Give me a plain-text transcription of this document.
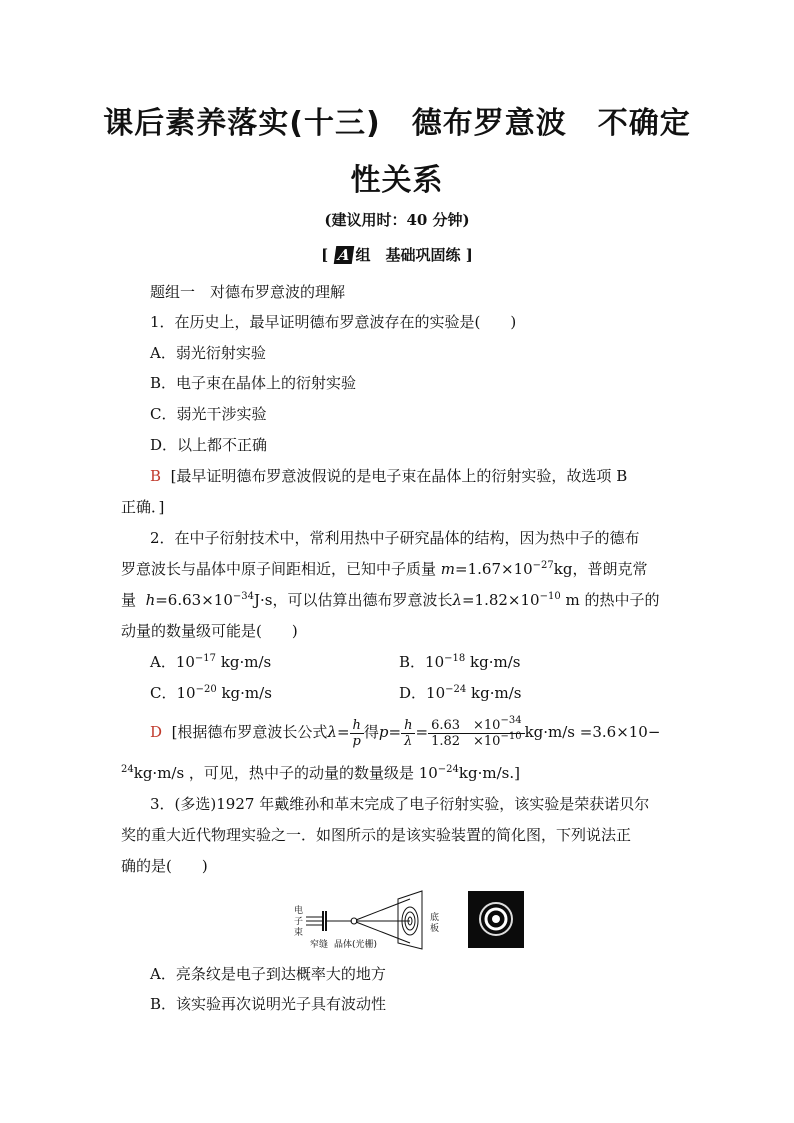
课后素养落实(十三)　德布罗意波　不确定
性关系
(建议用时：40 分钟)
[ A 组　基础巩固练 ]
题组一　对德布罗意波的理解
1．在历史上，最早证明德布罗意波存在的实验是(　　)
A．弱光衍射实验
B．电子束在晶体上的衍射实验
C．弱光干涉实验
D．以上都不正确
B [最早证明德布罗意波假说的是电子束在晶体上的衍射实验，故选项 B
正确．]
2．在中子衍射技术中，常利用热中子研究晶体的结构，因为热中子的德布
罗意波长与晶体中原子间距相近，已知中子质量 $m=1.67\times 10^{-27}kg$，普朗克常
量 $h=6.63\times 10^{-34}J\cdot s$，可以估算出德布罗意波长$\lambda=1.82\times 10^{-10}$ m 的热中子的
动量的数量级可能是(　　)
A．$10^{-17}$ kg·m/s	B．$10^{-18}$ kg·m/s
C．$10^{-20}$ kg·m/s	D．$10^{-24}$ kg·m/s
D [根据德布罗意波长公式$\lambda= \frac{h}{p}$ 得$p= \frac{h}{\lambda} = \frac{6.63 \times 10^{-34}}{1.82 \times 10^{-10}} kg\cdot m/s =3.6\times 10-$
$^{24}$kg·m/s ，可见，热中子的动量的数量级是 $10^{-24}kg\cdot m/s$.]
3．(多选)1927 年戴维孙和革末完成了电子衍射实验，该实验是荣获诺贝尔
奖的重大近代物理实验之一．如图所示的是该实验装置的简化图，下列说法正
确的是(　　)
电
子
束
窄缝 晶体(光栅)
底
板
A．亮条纹是电子到达概率大的地方
B．该实验再次说明光子具有波动性
